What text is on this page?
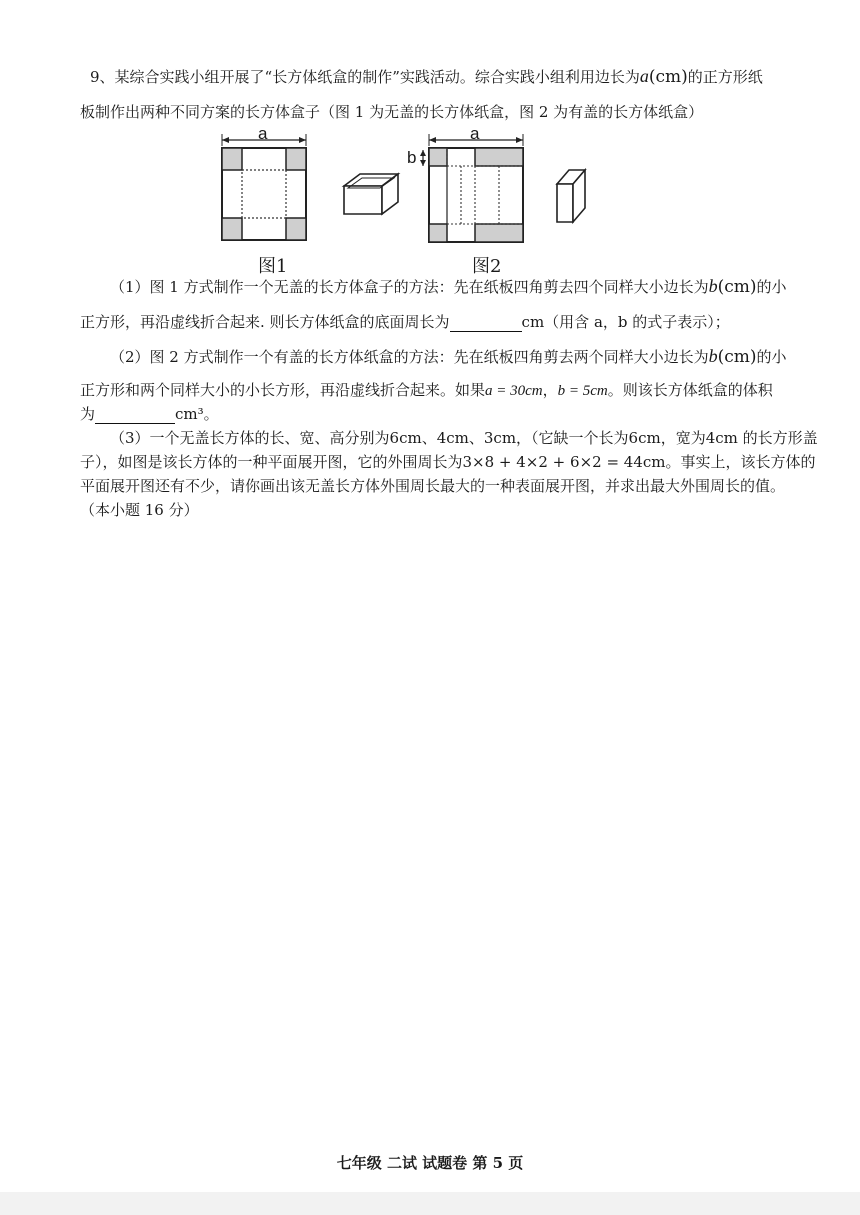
9、某综合实践小组开展了“长方体纸盒的制作”实践活动。综合实践小组利用边长为a(cm)的正方形纸
板制作出两种不同方案的长方体盒子（图 1 为无盖的长方体纸盒，图 2 为有盖的长方体纸盒）
a
图1
a
b
图2
（1）图 1 方式制作一个无盖的长方体盒子的方法：先在纸板四角剪去四个同样大小边长为b(cm)的小
正方形，再沿虚线折合起来. 则长方体纸盒的底面周长为	cm（用含 a，b 的式子表示）；
（2）图 2 方式制作一个有盖的长方体纸盒的方法：先在纸板四角剪去两个同样大小边长为b(cm)的小
正方形和两个同样大小的小长方形，再沿虚线折合起来。如果a = 30cm，b = 5cm。则该长方体纸盒的体积
为	cm³。
（3）一个无盖长方体的长、宽、高分别为6cm、4cm、3cm，（它缺一个长为6cm，宽为4cm 的长方形盖
子），如图是该长方体的一种平面展开图，它的外围周长为3×8 + 4×2 + 6×2 = 44cm。事实上，该长方体的
平面展开图还有不少，请你画出该无盖长方体外围周长最大的一种表面展开图，并求出最大外围周长的值。
（本小题 16 分）
七年级 二试 试题卷 第 5 页
